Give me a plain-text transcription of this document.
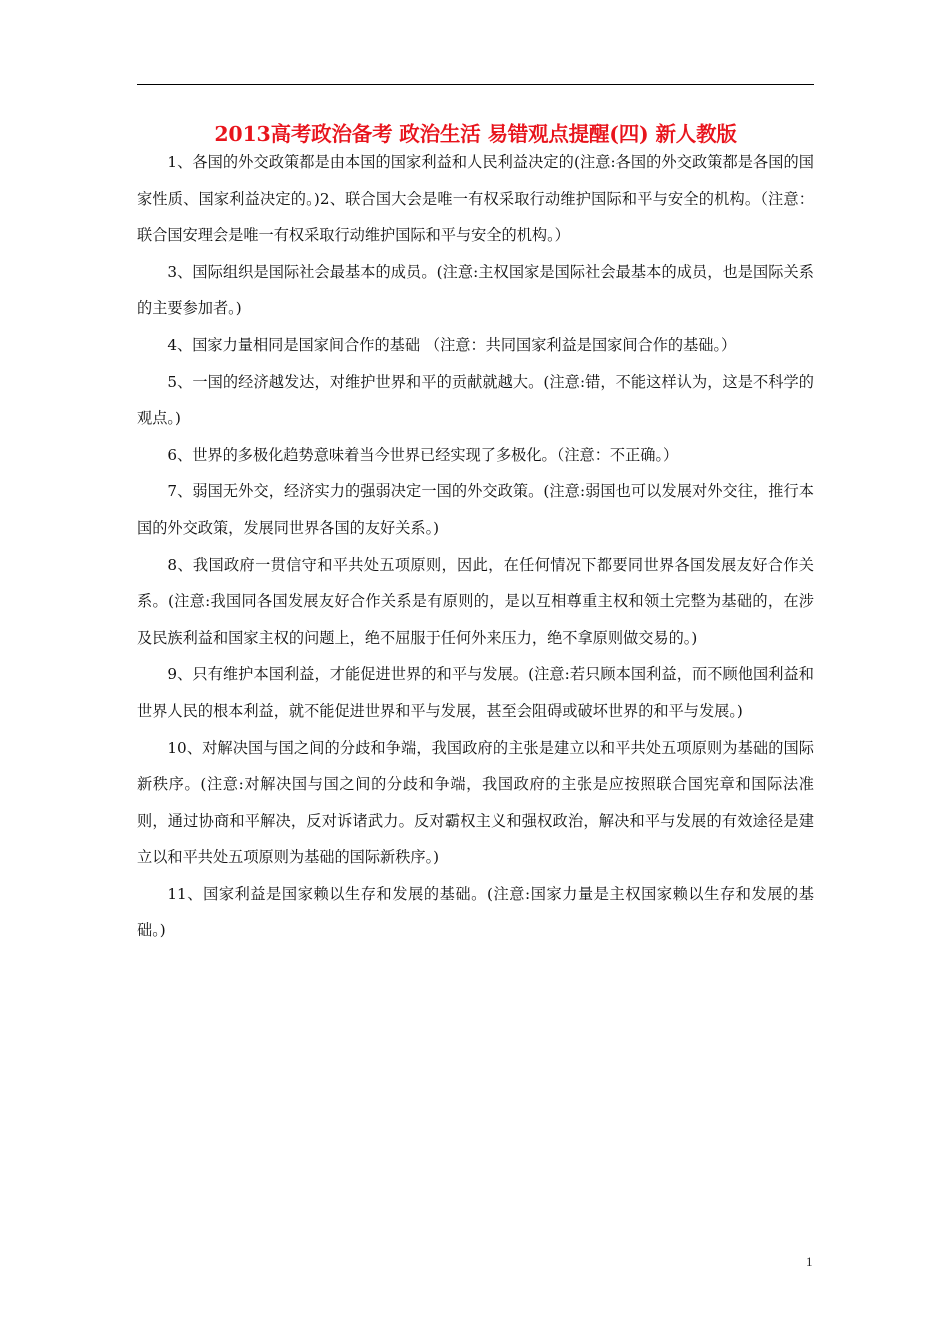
2013高考政治备考 政治生活 易错观点提醒(四) 新人教版

1、各国的外交政策都是由本国的国家利益和人民利益决定的(注意:各国的外交政策都是各国的国家性质、国家利益决定的。)2、联合国大会是唯一有权采取行动维护国际和平与安全的机构。（注意：联合国安理会是唯一有权采取行动维护国际和平与安全的机构。）

3、国际组织是国际社会最基本的成员。(注意:主权国家是国际社会最基本的成员，也是国际关系的主要参加者。)

4、国家力量相同是国家间合作的基础 （注意：共同国家利益是国家间合作的基础。）

5、一国的经济越发达，对维护世界和平的贡献就越大。(注意:错，不能这样认为，这是不科学的观点。)

6、世界的多极化趋势意味着当今世界已经实现了多极化。（注意：不正确。）

7、弱国无外交，经济实力的强弱决定一国的外交政策。(注意:弱国也可以发展对外交往，推行本国的外交政策，发展同世界各国的友好关系。)

8、我国政府一贯信守和平共处五项原则，因此，在任何情况下都要同世界各国发展友好合作关系。(注意:我国同各国发展友好合作关系是有原则的，是以互相尊重主权和领土完整为基础的，在涉及民族利益和国家主权的问题上，绝不屈服于任何外来压力，绝不拿原则做交易的。)

9、只有维护本国利益，才能促进世界的和平与发展。(注意:若只顾本国利益，而不顾他国利益和世界人民的根本利益，就不能促进世界和平与发展，甚至会阻碍或破坏世界的和平与发展。)

10、对解决国与国之间的分歧和争端，我国政府的主张是建立以和平共处五项原则为基础的国际新秩序。(注意:对解决国与国之间的分歧和争端，我国政府的主张是应按照联合国宪章和国际法准则，通过协商和平解决，反对诉诸武力。反对霸权主义和强权政治，解决和平与发展的有效途径是建立以和平共处五项原则为基础的国际新秩序。)

11、国家利益是国家赖以生存和发展的基础。(注意:国家力量是主权国家赖以生存和发展的基础。)

1
